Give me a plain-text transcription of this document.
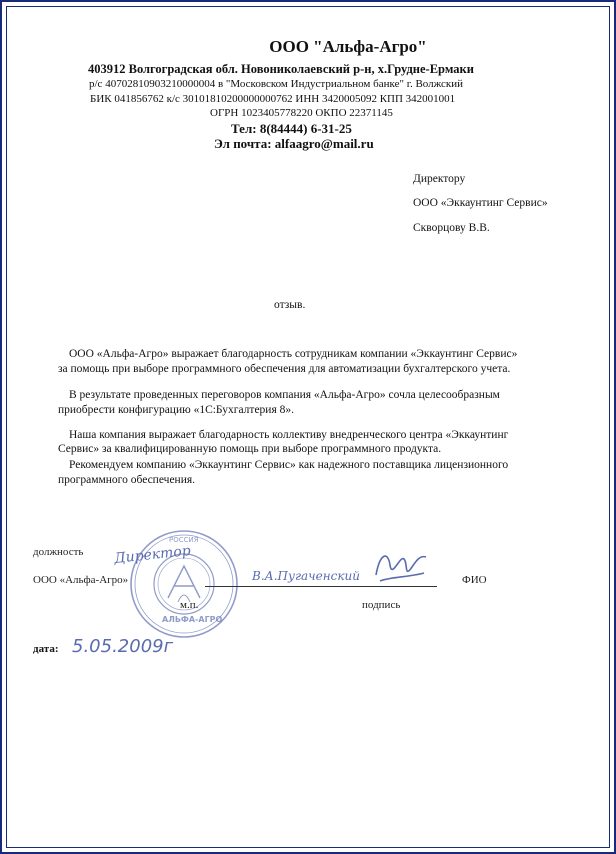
ООО "Альфа-Агро"
403912 Волгоградская обл. Новониколаевский р-н, х.Грудне-Ермаки
р/с 40702810903210000004 в "Московском Индустриальном банке" г. Волжский
БИК 041856762 к/с 30101810200000000762 ИНН 3420005092 КПП 342001001
ОГРН 1023405778220 ОКПО 22371145
Тел: 8(84444) 6-31-25
Эл почта: alfaagro@mail.ru
Директору
ООО «Эккаунтинг Сервис»
Скворцову В.В.
отзыв.
ООО «Альфа-Агро» выражает благодарность сотрудникам компании «Эккаунтинг Сервис»
за помощь при выборе программного обеспечения для автоматизации бухгалтерского учета.
В результате проведенных переговоров компания «Альфа-Агро» сочла целесообразным
приобрести конфигурацию «1С:Бухгалтерия 8».
Наша компания выражает благодарность коллективу внедренческого центра «Эккаунтинг
Сервис» за квалифицированную помощь при выборе программного продукта.
Рекомендуем компанию «Эккаунтинг Сервис» как надежного поставщика лицензионного
программного обеспечения.
РОССИЯ
АЛЬФА-АГРО
должность
ООО «Альфа-Агро»
м.п.	подпись
ФИО
Директор
В.А.Пугаченский
дата: 5.05.2009г
